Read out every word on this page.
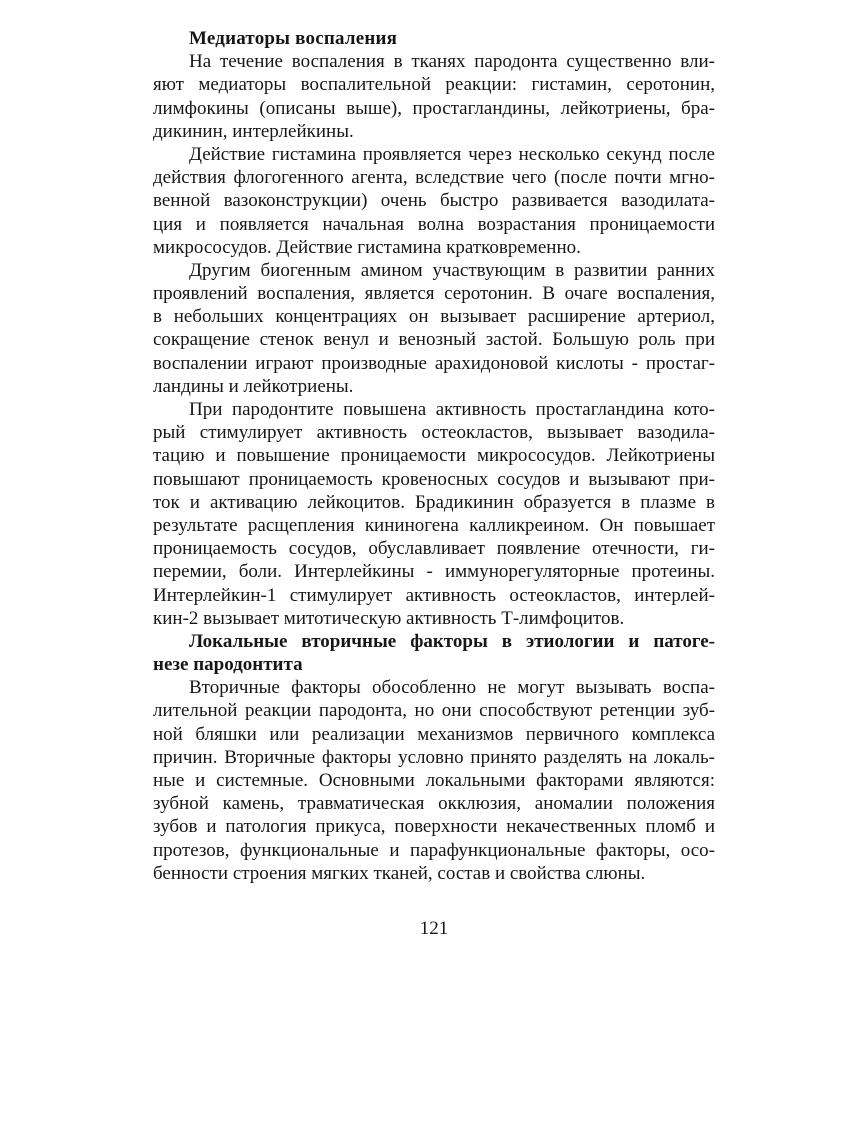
Медиаторы воспаления
На течение воспаления в тканях пародонта существенно вли-
яют медиаторы воспалительной реакции: гистамин, серотонин,
лимфокины (описаны выше), простагландины, лейкотриены, бра-
дикинин, интерлейкины.
Действие гистамина проявляется через несколько секунд после
действия флогогенного агента, вследствие чего (после почти мгно-
венной вазоконструкции) очень быстро развивается вазодилата-
ция и появляется начальная волна возрастания проницаемости
микрососудов. Действие гистамина кратковременно.
Другим биогенным амином участвующим в развитии ранних
проявлений воспаления, является серотонин. В очаге воспаления,
в небольших концентрациях он вызывает расширение артериол,
сокращение стенок венул и венозный застой. Большую роль при
воспалении играют производные арахидоновой кислоты - простаг-
ландины и лейкотриены.
При пародонтите повышена активность простагландина кото-
рый стимулирует активность остеокластов, вызывает вазодила-
тацию и повышение проницаемости микрососудов. Лейкотриены
повышают проницаемость кровеносных сосудов и вызывают при-
ток и активацию лейкоцитов. Брадикинин образуется в плазме в
результате расщепления кининогена калликреином. Он повышает
проницаемость сосудов, обуславливает появление отечности, ги-
перемии, боли. Интерлейкины - иммунорегуляторные протеины.
Интерлейкин-1 стимулирует активность остеокластов, интерлей-
кин-2 вызывает митотическую активность Т-лимфоцитов.
Локальные вторичные факторы в этиологии и патоге-
незе пародонтита
Вторичные факторы обособленно не могут вызывать воспа-
лительной реакции пародонта, но они способствуют ретенции зуб-
ной бляшки или реализации механизмов первичного комплекса
причин. Вторичные факторы условно принято разделять на локаль-
ные и системные. Основными локальными факторами являются:
зубной камень, травматическая окклюзия, аномалии положения
зубов и патология прикуса, поверхности некачественных пломб и
протезов, функциональные и парафункциональные факторы, осо-
бенности строения мягких тканей, состав и свойства слюны.
121
